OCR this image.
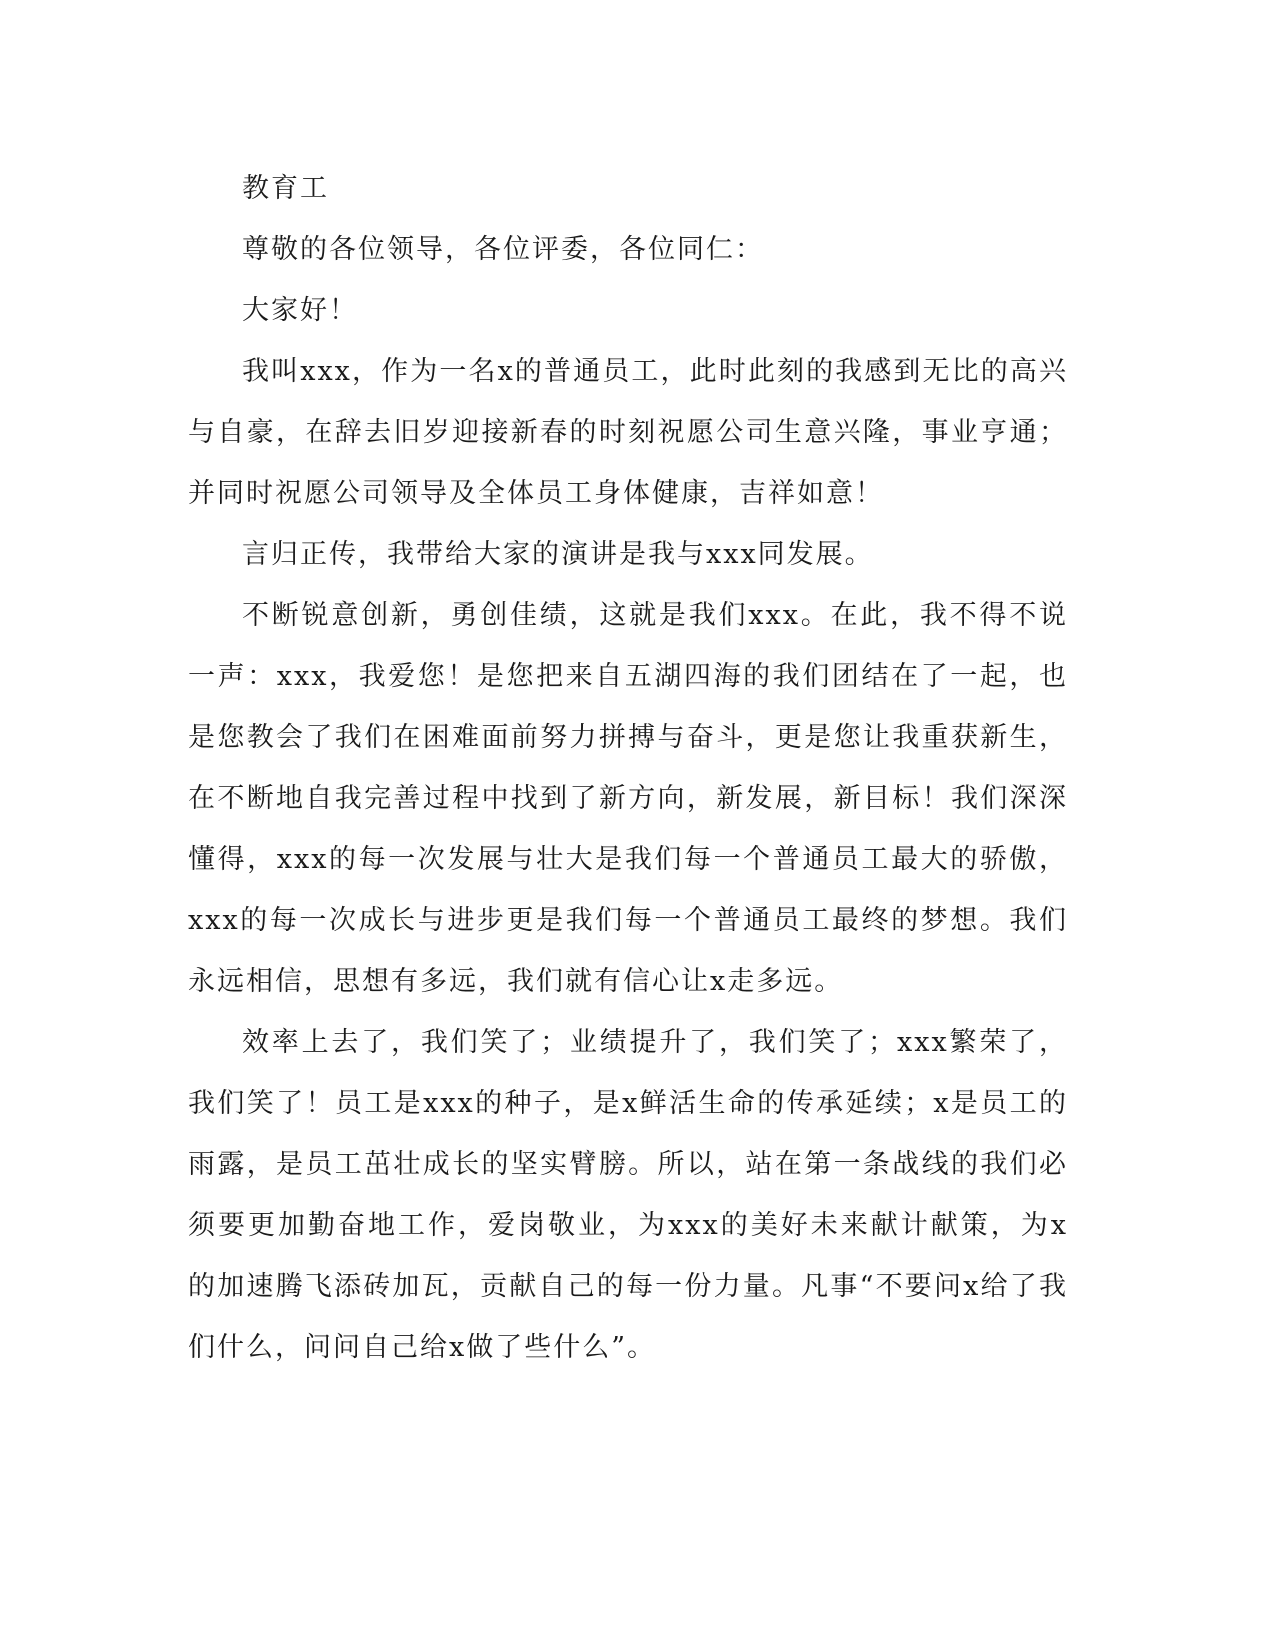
教育工

尊敬的各位领导，各位评委，各位同仁：

大家好！

我叫xxx，作为一名x的普通员工，此时此刻的我感到无比的高兴与自豪，在辞去旧岁迎接新春的时刻祝愿公司生意兴隆，事业亨通；并同时祝愿公司领导及全体员工身体健康，吉祥如意！

言归正传，我带给大家的演讲是我与xxx同发展。

不断锐意创新，勇创佳绩，这就是我们xxx。在此，我不得不说一声：xxx，我爱您！是您把来自五湖四海的我们团结在了一起，也是您教会了我们在困难面前努力拼搏与奋斗，更是您让我重获新生，在不断地自我完善过程中找到了新方向，新发展，新目标！我们深深懂得，xxx的每一次发展与壮大是我们每一个普通员工最大的骄傲，xxx的每一次成长与进步更是我们每一个普通员工最终的梦想。我们永远相信，思想有多远，我们就有信心让x走多远。

效率上去了，我们笑了；业绩提升了，我们笑了；xxx繁荣了，我们笑了！员工是xxx的种子，是x鲜活生命的传承延续；x是员工的雨露，是员工茁壮成长的坚实臂膀。所以，站在第一条战线的我们必须要更加勤奋地工作，爱岗敬业，为xxx的美好未来献计献策，为x的加速腾飞添砖加瓦，贡献自己的每一份力量。凡事“不要问x给了我们什么，问问自己给x做了些什么”。
